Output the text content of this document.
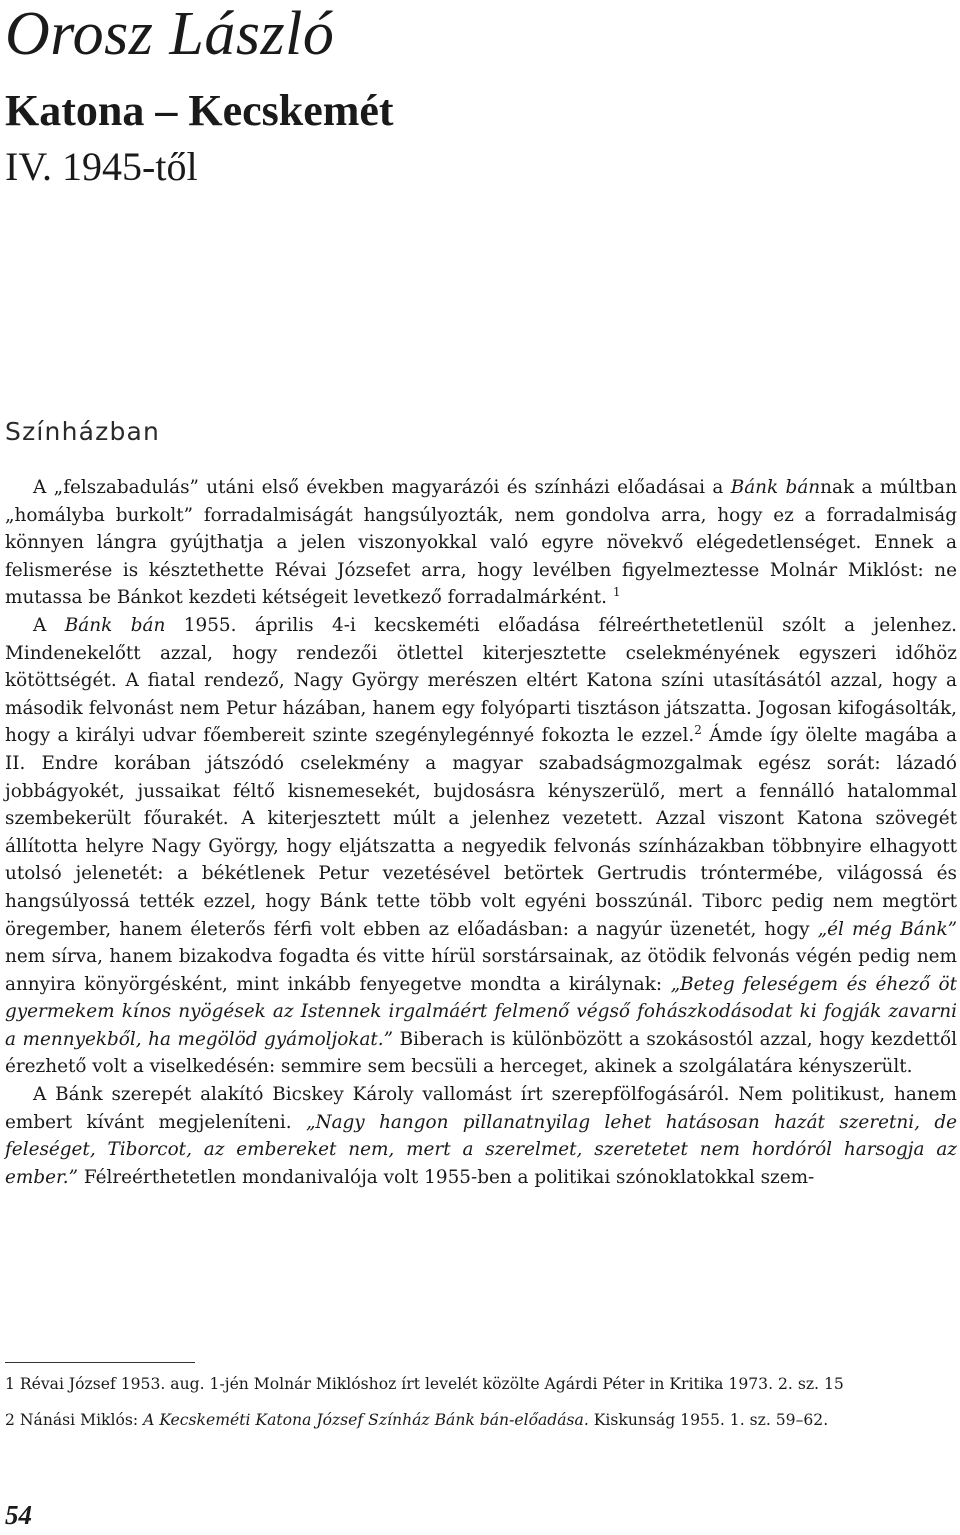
Orosz László
Katona – Kecskemét
IV. 1945-től
Színházban

A „felszabadulás” utáni első években magyarázói és színházi előadásai a Bánk bánnak a múltban „homályba burkolt” forradalmiságát hangsúlyozták, nem gondolva arra, hogy ez a forradalmiság könnyen lángra gyújthatja a jelen viszonyokkal való egyre növekvő elégedetlenséget. Ennek a felismerése is késztethette Révai Józsefet arra, hogy levélben figyelmeztesse Molnár Miklóst: ne mutassa be Bánkot kezdeti kétségeit levetkező forradalmárként. $^1$

A Bánk bán 1955. április 4-i kecskeméti előadása félreérthetetlenül szólt a jelenhez. Mindenekelőtt azzal, hogy rendezői ötlettel kiterjesztette cselekményének egyszeri időhöz kötöttségét. A fiatal rendező, Nagy György merészen eltért Katona színi utasításától azzal, hogy a második felvonást nem Petur házában, hanem egy folyóparti tisztáson játszatta. Jogosan kifogásolták, hogy a királyi udvar főembereit szinte szegénylegénnyé fokozta le ezzel.$^2$ Ámde így ölelte magába a II. Endre korában játszódó cselekmény a magyar szabadságmozgalmak egész sorát: lázadó jobbágyokét, jussaikat féltő kisnemesekét, bujdosásra kényszerülő, mert a fennálló hatalommal szembekerült főurakét. A kiterjesztett múlt a jelenhez vezetett. Azzal viszont Katona szövegét állította helyre Nagy György, hogy eljátszatta a negyedik felvonás színházakban többnyire elhagyott utolsó jelenetét: a békétlenek Petur vezetésével betörtek Gertrudis tróntermébe, világossá és hangsúlyossá tették ezzel, hogy Bánk tette több volt egyéni bosszúnál. Tiborc pedig nem megtört öregember, hanem életerős férfi volt ebben az előadásban: a nagyúr üzenetét, hogy „él még Bánk” nem sírva, hanem bizakodva fogadta és vitte hírül sorstársainak, az ötödik felvonás végén pedig nem annyira könyörgésként, mint inkább fenyegetve mondta a királynak: „Beteg feleségem és éhező öt gyermekem kínos nyögések az Istennek irgalmáért felmenő végső fohászkodásodat ki fogják zavarni a mennyekből, ha megölöd gyámoljokat.” Biberach is különbözött a szokásostól azzal, hogy kezdettől érezhető volt a viselkedésén: semmire sem becsüli a herceget, akinek a szolgálatára kényszerült.

A Bánk szerepét alakító Bicskey Károly vallomást írt szerepfölfogásáról. Nem politikust, hanem embert kívánt megjeleníteni. „Nagy hangon pillanatnyilag lehet hatásosan hazát szeretni, de feleséget, Tiborcot, az embereket nem, mert a szerelmet, szeretetet nem hordóról harsogja az ember.” Félreérthetetlen mondanivalója volt 1955-ben a politikai szónoklatokkal szem-

1 Révai József 1953. aug. 1-jén Molnár Miklóshoz írt levelét közölte Agárdi Péter in Kritika 1973. 2. sz. 15

2 Nánási Miklós: A Kecskeméti Katona József Színház Bánk bán-előadása. Kiskunság 1955. 1. sz. 59–62.

54
